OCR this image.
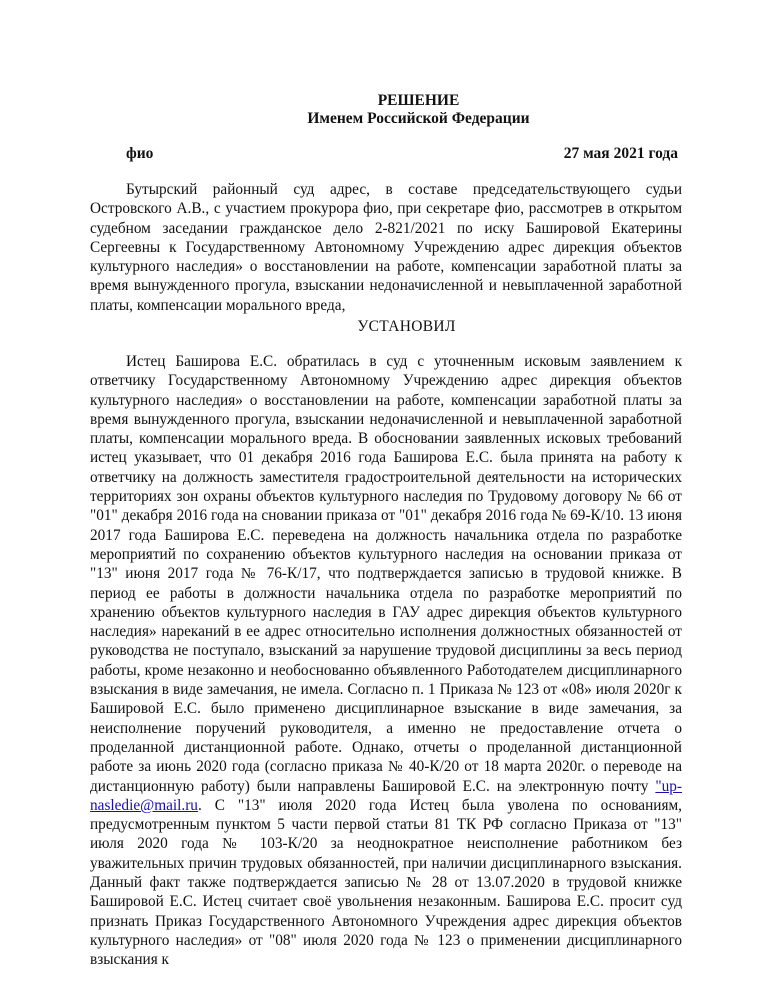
РЕШЕНИЕ
Именем Российской Федерации
фио	27 мая 2021 года

Бутырский районный суд адрес, в составе председательствующего судьи Островского А.В., с участием прокурора фио, при секретаре фио, рассмотрев в открытом судебном заседании гражданское дело 2-821/2021 по иску Башировой Екатерины Сергеевны к Государственному Автономному Учреждению адрес дирекция объектов культурного наследия» о восстановлении на работе, компенсации заработной платы за время вынужденного прогула, взыскании недоначисленной и невыплаченной заработной платы, компенсации морального вреда,

УСТАНОВИЛ

Истец Баширова Е.С. обратилась в суд с уточненным исковым заявлением к ответчику Государственному Автономному Учреждению адрес дирекция объектов культурного наследия» о восстановлении на работе, компенсации заработной платы за время вынужденного прогула, взыскании недоначисленной и невыплаченной заработной платы, компенсации морального вреда. В обосновании заявленных исковых требований истец указывает, что 01 декабря 2016 года Баширова Е.С. была принята на работу к ответчику на должность заместителя градостроительной деятельности на исторических территориях зон охраны объектов культурного наследия по Трудовому договору № 66 от "01" декабря 2016 года на сновании приказа от "01" декабря 2016 года № 69-К/10. 13 июня 2017 года Баширова Е.С. переведена на должность начальника отдела по разработке мероприятий по сохранению объектов культурного наследия на основании приказа от "13" июня 2017 года № 76-К/17, что подтверждается записью в трудовой книжке. В период ее работы в должности начальника отдела по разработке мероприятий по хранению объектов культурного наследия в ГАУ адрес дирекция объектов культурного наследия» нареканий в ее адрес относительно исполнения должностных обязанностей от руководства не поступало, взысканий за нарушение трудовой дисциплины за весь период работы, кроме незаконно и необоснованно объявленного Работодателем дисциплинарного взыскания в виде замечания, не имела. Согласно п. 1 Приказа № 123 от «08» июля 2020г к Башировой Е.С. было применено дисциплинарное взыскание в виде замечания, за неисполнение поручений руководителя, а именно не предоставление отчета о проделанной дистанционной работе. Однако, отчеты о проделанной дистанционной работе за июнь 2020 года (согласно приказа № 40-К/20 от 18 марта 2020г. о переводе на дистанционную работу) были направлены Башировой Е.С. на электронную почту "up-nasledie@mail.ru. С "13" июля 2020 года Истец была уволена по основаниям, предусмотренным пунктом 5 части первой статьи 81 ТК РФ согласно Приказа от "13" июля 2020 года № 103-К/20 за неоднократное неисполнение работником без уважительных причин трудовых обязанностей, при наличии дисциплинарного взыскания. Данный факт также подтверждается записью № 28 от 13.07.2020 в трудовой книжке Башировой Е.С. Истец считает своё увольнения незаконным. Баширова Е.С. просит суд признать Приказ Государственного Автономного Учреждения адрес дирекция объектов культурного наследия» от "08" июля 2020 года № 123 о применении дисциплинарного взыскания к
